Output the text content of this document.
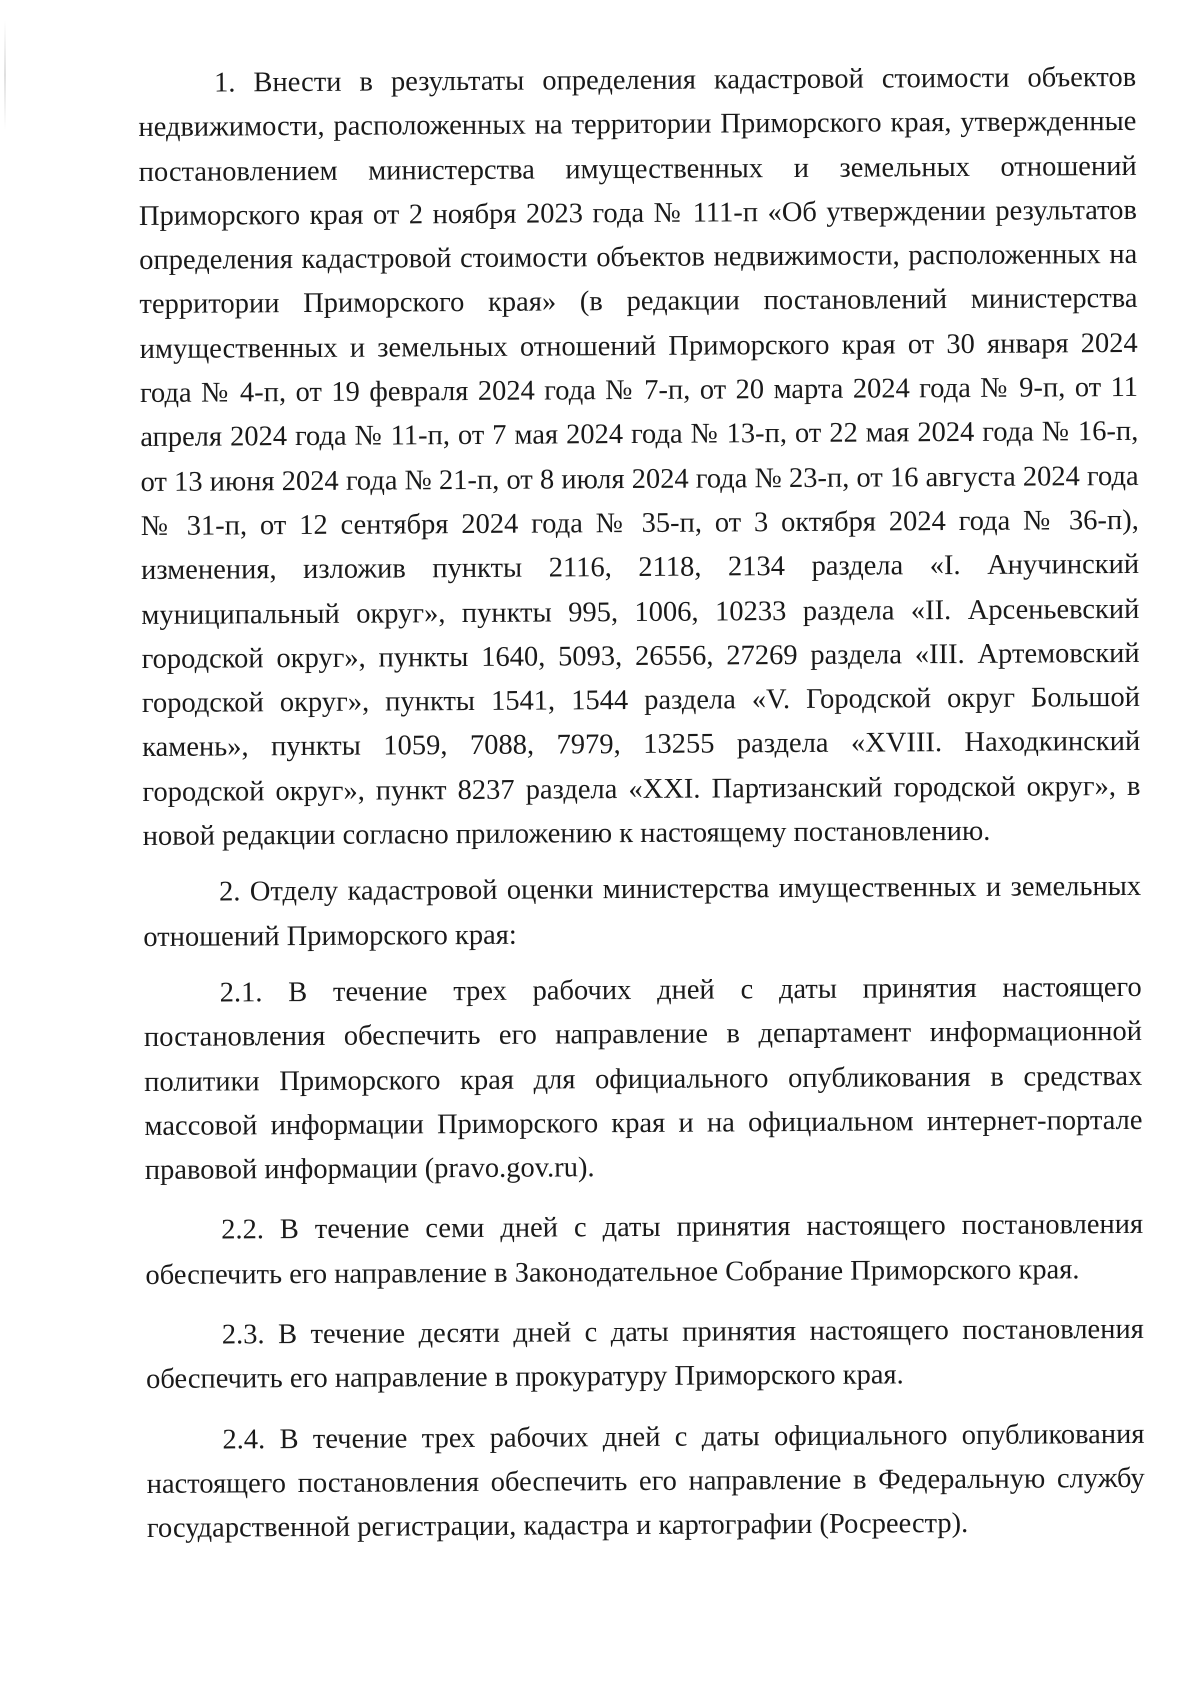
1. Внести в результаты определения кадастровой стоимости объектов недвижимости, расположенных на территории Приморского края, утвержденные постановлением министерства имущественных и земельных отношений Приморского края от 2 ноября 2023 года № 111-п «Об утверждении результатов определения кадастровой стоимости объектов недвижимости, расположенных на территории Приморского края» (в редакции постановлений министерства имущественных и земельных отношений Приморского края от 30 января 2024 года № 4-п, от 19 февраля 2024 года № 7-п, от 20 марта 2024 года № 9-п, от 11 апреля 2024 года № 11-п, от 7 мая 2024 года № 13-п, от 22 мая 2024 года № 16-п, от 13 июня 2024 года № 21-п, от 8 июля 2024 года № 23-п, от 16 августа 2024 года № 31-п, от 12 сентября 2024 года № 35-п, от 3 октября 2024 года № 36-п), изменения, изложив пункты 2116, 2118, 2134 раздела «I. Анучинский муниципальный округ», пункты 995, 1006, 10233 раздела «II. Арсеньевский городской округ», пункты 1640, 5093, 26556, 27269 раздела «III. Артемовский городской округ», пункты 1541, 1544 раздела «V. Городской округ Большой камень», пункты 1059, 7088, 7979, 13255 раздела «XVIII. Находкинский городской округ», пункт 8237 раздела «XXI. Партизанский городской округ», в новой редакции согласно приложению к настоящему постановлению.

2. Отделу кадастровой оценки министерства имущественных и земельных отношений Приморского края:

2.1. В течение трех рабочих дней с даты принятия настоящего постановления обеспечить его направление в департамент информационной политики Приморского края для официального опубликования в средствах массовой информации Приморского края и на официальном интернет-портале правовой информации (pravo.gov.ru).

2.2. В течение семи дней с даты принятия настоящего постановления обеспечить его направление в Законодательное Собрание Приморского края.

2.3. В течение десяти дней с даты принятия настоящего постановления обеспечить его направление в прокуратуру Приморского края.

2.4. В течение трех рабочих дней с даты официального опубликования настоящего постановления обеспечить его направление в Федеральную службу государственной регистрации, кадастра и картографии (Росреестр).
